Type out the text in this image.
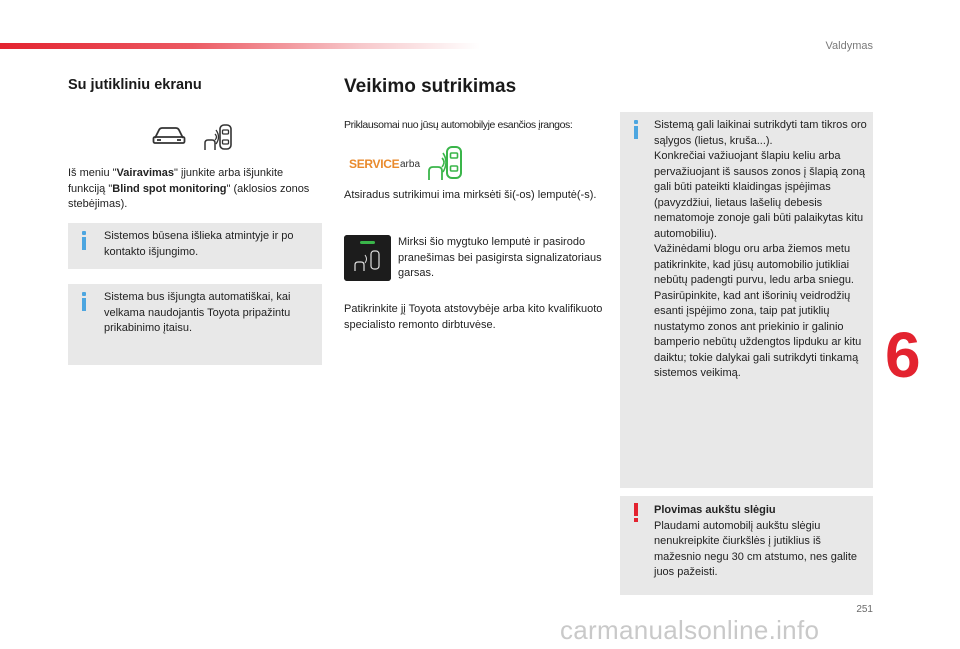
Valdymas
251
6
carmanualsonline.info
Su jutikliniu ekranu
Iš meniu "Vairavimas" įjunkite arba išjunkite funkciją "Blind spot monitoring" (aklosios zonos stebėjimas).
Sistemos būsena išlieka atmintyje ir po kontakto išjungimo.
Sistema bus išjungta automatiškai, kai velkama naudojantis Toyota pripažintu prikabinimo įtaisu.
Veikimo sutrikimas
Priklausomai nuo jūsų automobilyje esančios įrangos:
SERVICE arba
Atsiradus sutrikimui ima mirksėti ši(-os) lemputė(-s).
Mirksi šio mygtuko lemputė ir pasirodo pranešimas bei pasigirsta signalizatoriaus garsas.
Patikrinkite jį Toyota atstovybėje arba kito kvalifikuoto specialisto remonto dirbtuvėse.
Sistemą gali laikinai sutrikdyti tam tikros oro sąlygos (lietus, kruša...).
Konkrečiai važiuojant šlapiu keliu arba pervažiuojant iš sausos zonos į šlapią zoną gali būti pateikti klaidingas įspėjimas (pavyzdžiui, lietaus lašelių debesis nematomoje zonoje gali būti palaikytas kitu automobiliu).
Važinėdami blogu oru arba žiemos metu patikrinkite, kad jūsų automobilio jutikliai nebūtų padengti purvu, ledu arba sniegu.
Pasirūpinkite, kad ant išorinių veidrodžių esanti įspėjimo zona, taip pat jutiklių nustatymo zonos ant priekinio ir galinio bamperio nebūtų uždengtos lipduku ar kitu daiktu; tokie dalykai gali sutrikdyti tinkamą sistemos veikimą.
Plovimas aukštu slėgiu
Plaudami automobilį aukštu slėgiu nenukreipkite čiurkšlės į jutiklius iš mažesnio negu 30 cm atstumo, nes galite juos pažeisti.
